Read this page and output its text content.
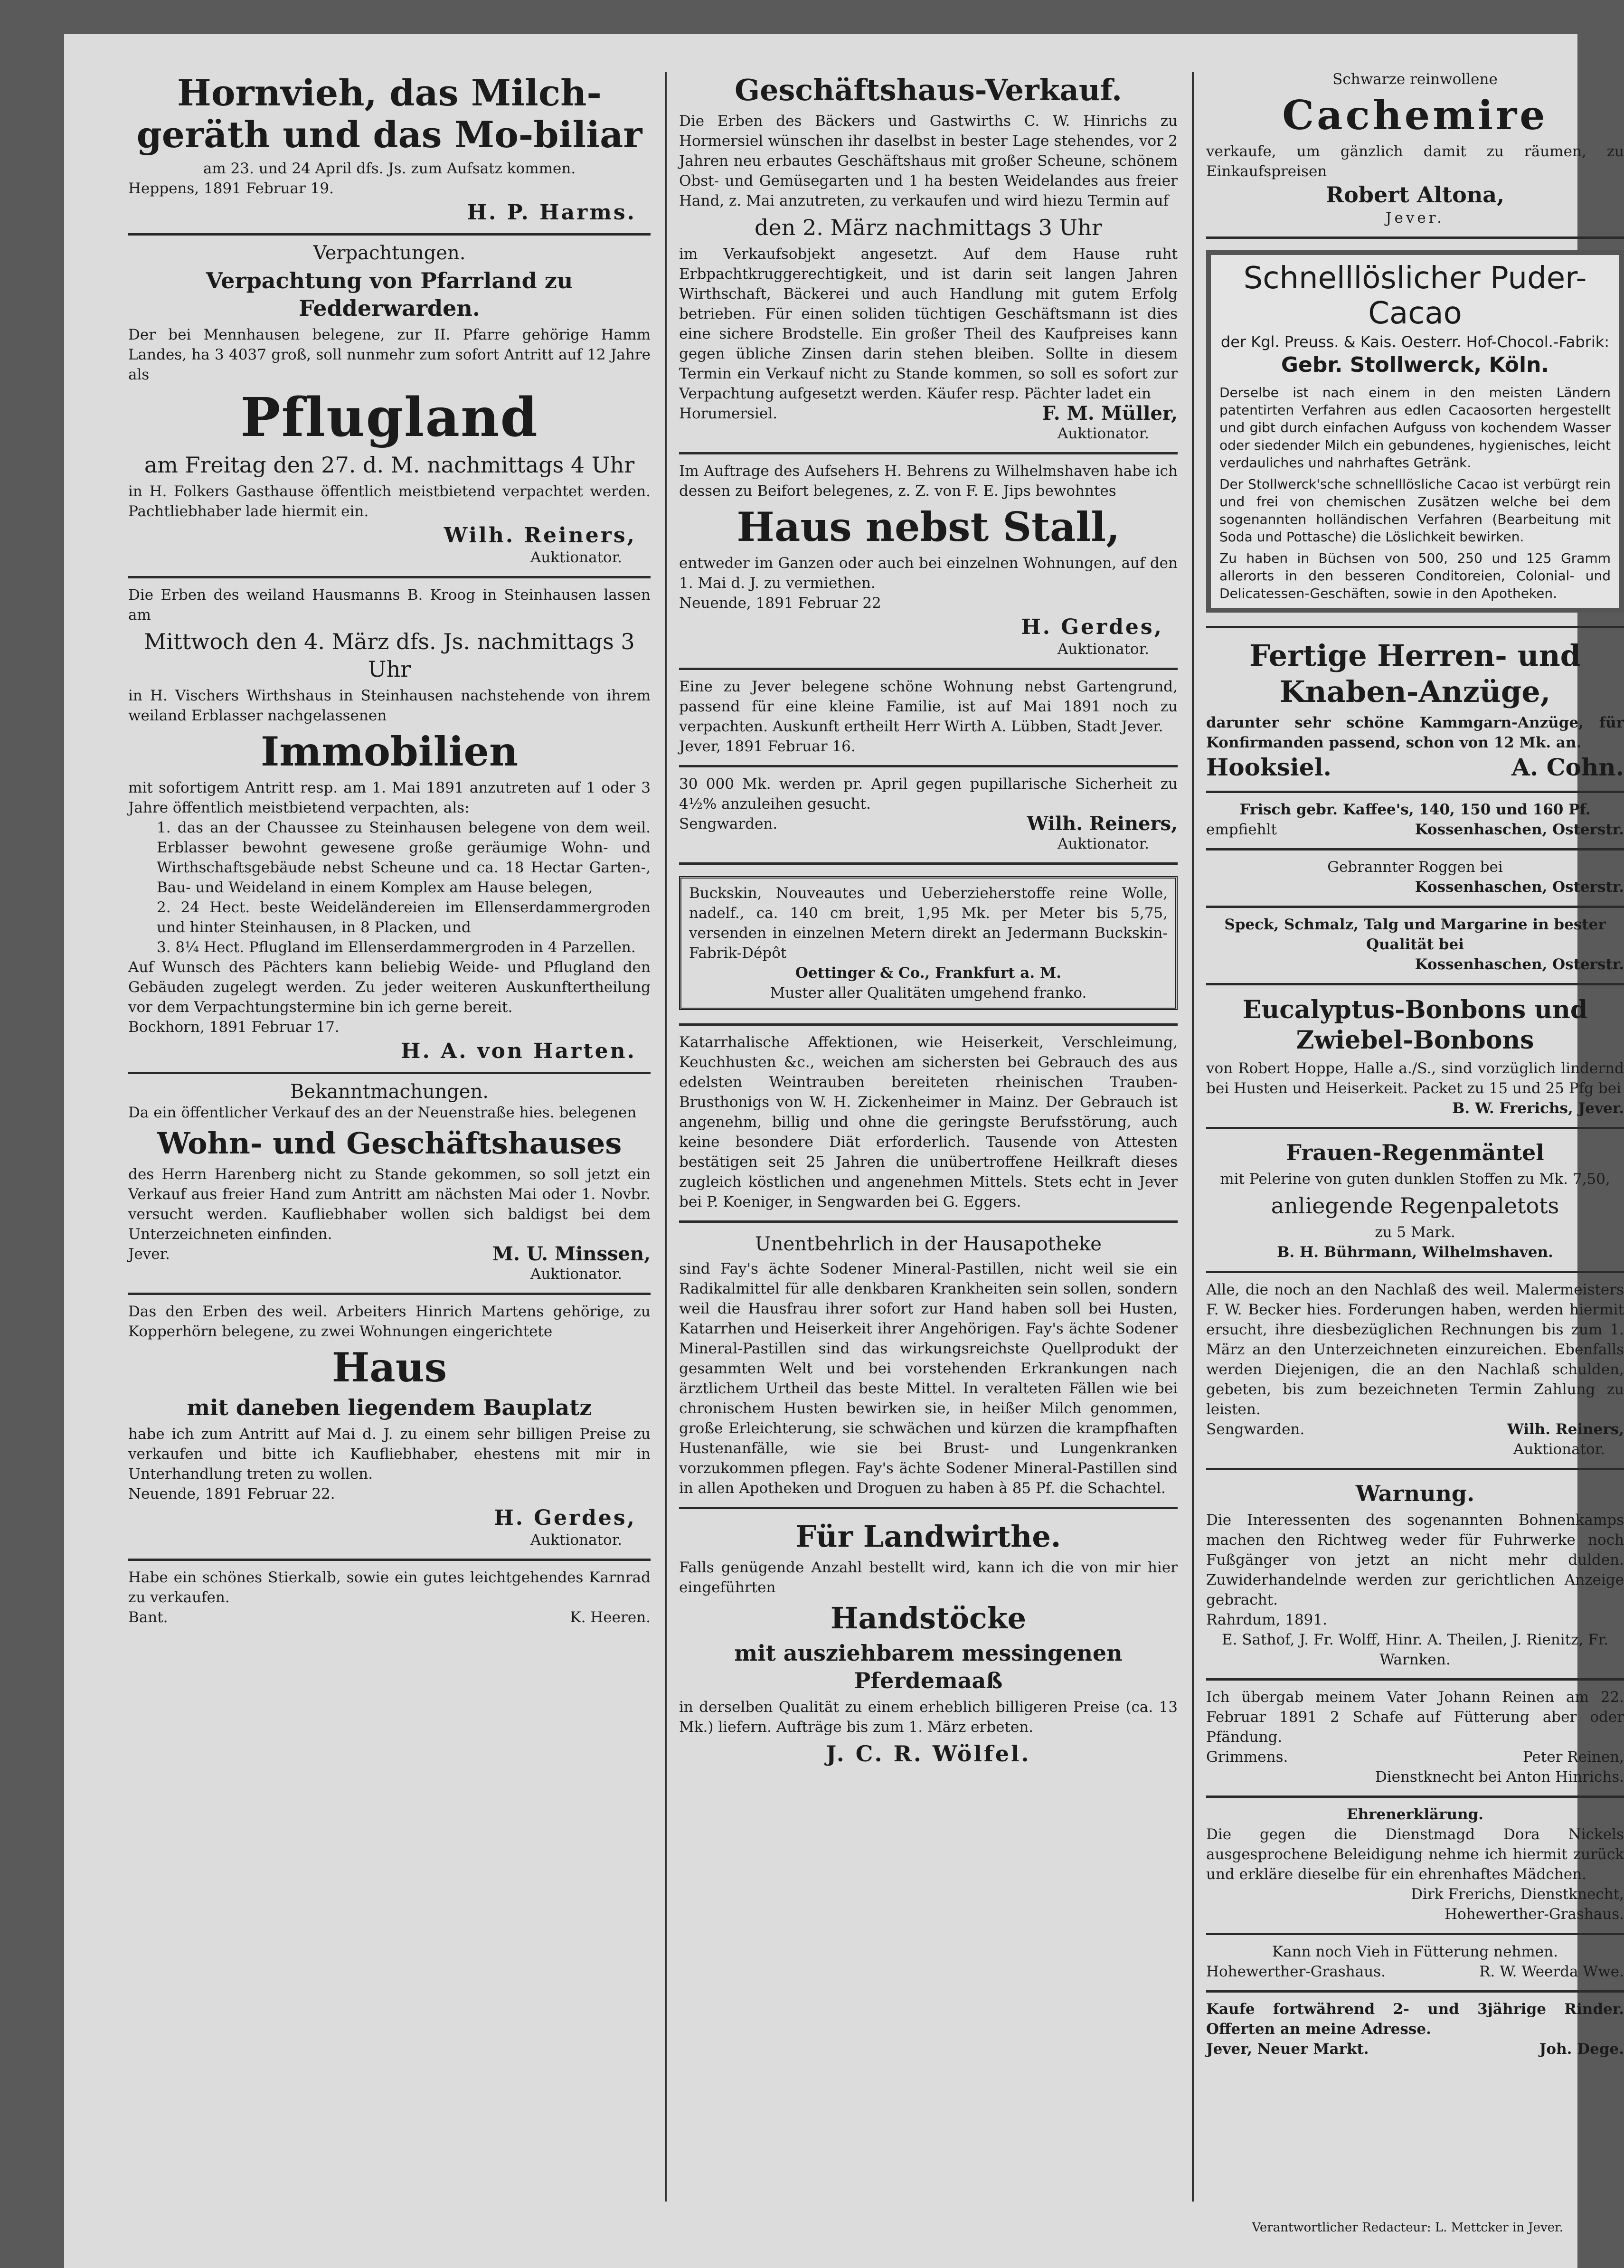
Hornvieh, das Milch-geräth und das Mo-biliar

am 23. und 24 April dfs. Js. zum Aufsatz kommen.

Heppens, 1891 Februar 19.

H. P. Harms.

Verpachtungen.

Verpachtung von Pfarrland zu Fedderwarden.

Der bei Mennhausen belegene, zur II. Pfarre gehörige Hamm Landes, ha 3 4037 groß, soll nunmehr zum sofort Antritt auf 12 Jahre als

Pflugland
am Freitag den 27. d. M. nachmittags 4 Uhr

in H. Folkers Gasthause öffentlich meistbietend verpachtet werden. Pachtliebhaber lade hiermit ein.

Wilh. Reiners,

Auktionator.

Die Erben des weiland Hausmanns B. Kroog in Steinhausen lassen am

Mittwoch den 4. März dfs. Js. nachmittags 3 Uhr

in H. Vischers Wirthshaus in Steinhausen nachstehende von ihrem weiland Erblasser nachgelassenen

Immobilien

mit sofortigem Antritt resp. am 1. Mai 1891 anzutreten auf 1 oder 3 Jahre öffentlich meistbietend verpachten, als:

1. das an der Chaussee zu Steinhausen belegene von dem weil. Erblasser bewohnt gewesene große geräumige Wohn- und Wirthschaftsgebäude nebst Scheune und ca. 18 Hectar Garten-, Bau- und Weideland in einem Komplex am Hause belegen,
2. 24 Hect. beste Weideländereien im Ellenserdammergroden und hinter Steinhausen, in 8 Placken, und
3. 8¼ Hect. Pflugland im Ellenserdammergroden in 4 Parzellen.

Auf Wunsch des Pächters kann beliebig Weide- und Pflugland den Gebäuden zugelegt werden. Zu jeder weiteren Auskunftertheilung vor dem Verpachtungstermine bin ich gerne bereit.

Bockhorn, 1891 Februar 17.

H. A. von Harten.

Bekanntmachungen.

Da ein öffentlicher Verkauf des an der Neuenstraße hies. belegenen

Wohn- und Geschäftshauses

des Herrn Harenberg nicht zu Stande gekommen, so soll jetzt ein Verkauf aus freier Hand zum Antritt am nächsten Mai oder 1. Novbr. versucht werden. Kaufliebhaber wollen sich baldigst bei dem Unterzeichneten einfinden.

Jever.	M. U. Minssen,

Auktionator.

Das den Erben des weil. Arbeiters Hinrich Martens gehörige, zu Kopperhörn belegene, zu zwei Wohnungen eingerichtete

Haus
mit daneben liegendem Bauplatz

habe ich zum Antritt auf Mai d. J. zu einem sehr billigen Preise zu verkaufen und bitte ich Kaufliebhaber, ehestens mit mir in Unterhandlung treten zu wollen.

Neuende, 1891 Februar 22.

H. Gerdes,

Auktionator.

Habe ein schönes Stierkalb, sowie ein gutes leichtgehendes Karnrad zu verkaufen.

Bant.	K. Heeren.
Geschäftshaus-Verkauf.

Die Erben des Bäckers und Gastwirths C. W. Hinrichs zu Hormersiel wünschen ihr daselbst in bester Lage stehendes, vor 2 Jahren neu erbautes Geschäftshaus mit großer Scheune, schönem Obst- und Gemüsegarten und 1 ha besten Weidelandes aus freier Hand, z. Mai anzutreten, zu verkaufen und wird hiezu Termin auf

den 2. März nachmittags 3 Uhr

im Verkaufsobjekt angesetzt. Auf dem Hause ruht Erbpachtkruggerechtigkeit, und ist darin seit langen Jahren Wirthschaft, Bäckerei und auch Handlung mit gutem Erfolg betrieben. Für einen soliden tüchtigen Geschäftsmann ist dies eine sichere Brodstelle. Ein großer Theil des Kaufpreises kann gegen übliche Zinsen darin stehen bleiben. Sollte in diesem Termin ein Verkauf nicht zu Stande kommen, so soll es sofort zur Verpachtung aufgesetzt werden. Käufer resp. Pächter ladet ein

Horumersiel.	F. M. Müller,

Auktionator.

Im Auftrage des Aufsehers H. Behrens zu Wilhelmshaven habe ich dessen zu Beifort belegenes, z. Z. von F. E. Jips bewohntes

Haus nebst Stall,

entweder im Ganzen oder auch bei einzelnen Wohnungen, auf den 1. Mai d. J. zu vermiethen.

Neuende, 1891 Februar 22

H. Gerdes,

Auktionator.

Eine zu Jever belegene schöne Wohnung nebst Gartengrund, passend für eine kleine Familie, ist auf Mai 1891 noch zu verpachten. Auskunft ertheilt Herr Wirth A. Lübben, Stadt Jever.

Jever, 1891 Februar 16.

30 000 Mk. werden pr. April gegen pupillarische Sicherheit zu 4½% anzuleihen gesucht.

Sengwarden.	Wilh. Reiners,

Auktionator.

Buckskin, Nouveautes und Ueberzieherstoffe reine Wolle, nadelf., ca. 140 cm breit, 1,95 Mk. per Meter bis 5,75, versenden in einzelnen Metern direkt an Jedermann Buckskin-Fabrik-Dépôt

Oettinger & Co., Frankfurt a. M.

Muster aller Qualitäten umgehend franko.

Katarrhalische Affektionen, wie Heiserkeit, Verschleimung, Keuchhusten &c., weichen am sichersten bei Gebrauch des aus edelsten Weintrauben bereiteten rheinischen Trauben-Brusthonigs von W. H. Zickenheimer in Mainz. Der Gebrauch ist angenehm, billig und ohne die geringste Berufsstörung, auch keine besondere Diät erforderlich. Tausende von Attesten bestätigen seit 25 Jahren die unübertroffene Heilkraft dieses zugleich köstlichen und angenehmen Mittels. Stets echt in Jever bei P. Koeniger, in Sengwarden bei G. Eggers.

Unentbehrlich in der Hausapotheke

sind Fay's ächte Sodener Mineral-Pastillen, nicht weil sie ein Radikalmittel für alle denkbaren Krankheiten sein sollen, sondern weil die Hausfrau ihrer sofort zur Hand haben soll bei Husten, Katarrhen und Heiserkeit ihrer Angehörigen. Fay's ächte Sodener Mineral-Pastillen sind das wirkungsreichste Quellprodukt der gesammten Welt und bei vorstehenden Erkrankungen nach ärztlichem Urtheil das beste Mittel. In veralteten Fällen wie bei chronischem Husten bewirken sie, in heißer Milch genommen, große Erleichterung, sie schwächen und kürzen die krampfhaften Hustenanfälle, wie sie bei Brust- und Lungenkranken vorzukommen pflegen. Fay's ächte Sodener Mineral-Pastillen sind in allen Apotheken und Droguen zu haben à 85 Pf. die Schachtel.

Für Landwirthe.

Falls genügende Anzahl bestellt wird, kann ich die von mir hier eingeführten

Handstöcke
mit ausziehbarem messingenen Pferdemaaß

in derselben Qualität zu einem erheblich billigeren Preise (ca. 13 Mk.) liefern. Aufträge bis zum 1. März erbeten.

J. C. R. Wölfel.

Schwarze reinwollene

Cachemire

verkaufe, um gänzlich damit zu räumen, zu Einkaufspreisen

Robert Altona,

Jever.

Schnelllöslicher Puder-Cacao

der Kgl. Preuss. & Kais. Oesterr. Hof-Chocol.-Fabrik:

Gebr. Stollwerck, Köln.

Derselbe ist nach einem in den meisten Ländern patentirten Verfahren aus edlen Cacaosorten hergestellt und gibt durch einfachen Aufguss von kochendem Wasser oder siedender Milch ein gebundenes, hygienisches, leicht verdauliches und nahrhaftes Getränk.

Der Stollwerck'sche schnelllösliche Cacao ist verbürgt rein und frei von chemischen Zusätzen welche bei dem sogenannten holländischen Verfahren (Bearbeitung mit Soda und Pottasche) die Löslichkeit bewirken.

Zu haben in Büchsen von 500, 250 und 125 Gramm allerorts in den besseren Conditoreien, Colonial- und Delicatessen-Geschäften, sowie in den Apotheken.

Fertige Herren- und Knaben-Anzüge,

darunter sehr schöne Kammgarn-Anzüge, für Konfirmanden passend, schon von 12 Mk. an.

Hooksiel.	A. Cohn.

Frisch gebr. Kaffee's, 140, 150 und 160 Pf.

empfiehlt	Kossenhaschen, Osterstr.

Gebrannter Roggen bei

Kossenhaschen, Osterstr.

Speck, Schmalz, Talg und Margarine in bester Qualität bei

Kossenhaschen, Osterstr.

Eucalyptus-Bonbons und Zwiebel-Bonbons

von Robert Hoppe, Halle a./S., sind vorzüglich lindernd bei Husten und Heiserkeit. Packet zu 15 und 25 Pfg bei

B. W. Frerichs, Jever.

Frauen-Regenmäntel

mit Pelerine von guten dunklen Stoffen zu Mk. 7,50,

anliegende Regenpaletots

zu 5 Mark.

B. H. Bührmann, Wilhelmshaven.

Alle, die noch an den Nachlaß des weil. Malermeisters F. W. Becker hies. Forderungen haben, werden hiermit ersucht, ihre diesbezüglichen Rechnungen bis zum 1. März an den Unterzeichneten einzureichen. Ebenfalls werden Diejenigen, die an den Nachlaß schulden, gebeten, bis zum bezeichneten Termin Zahlung zu leisten.

Sengwarden.	Wilh. Reiners,

Auktionator.

Warnung.

Die Interessenten des sogenannten Bohnenkamps machen den Richtweg weder für Fuhrwerke noch Fußgänger von jetzt an nicht mehr dulden. Zuwiderhandelnde werden zur gerichtlichen Anzeige gebracht.

Rahrdum, 1891.

E. Sathof, J. Fr. Wolff, Hinr. A. Theilen, J. Rienitz, Fr. Warnken.

Ich übergab meinem Vater Johann Reinen am 22. Februar 1891 2 Schafe auf Fütterung aber oder Pfändung.

Grimmens.	Peter Reinen,

Dienstknecht bei Anton Hinrichs.

Ehrenerklärung.

Die gegen die Dienstmagd Dora Nickels ausgesprochene Beleidigung nehme ich hiermit zurück und erkläre dieselbe für ein ehrenhaftes Mädchen.

Dirk Frerichs, Dienstknecht,

Hohewerther-Grashaus.

Kann noch Vieh in Fütterung nehmen.

Hohewerther-Grashaus.	R. W. Weerda Wwe.

Kaufe fortwährend 2- und 3jährige Rinder. Offerten an meine Adresse.

Jever, Neuer Markt.	Joh. Dege.
Verantwortlicher Redacteur: L. Mettcker in Jever.
